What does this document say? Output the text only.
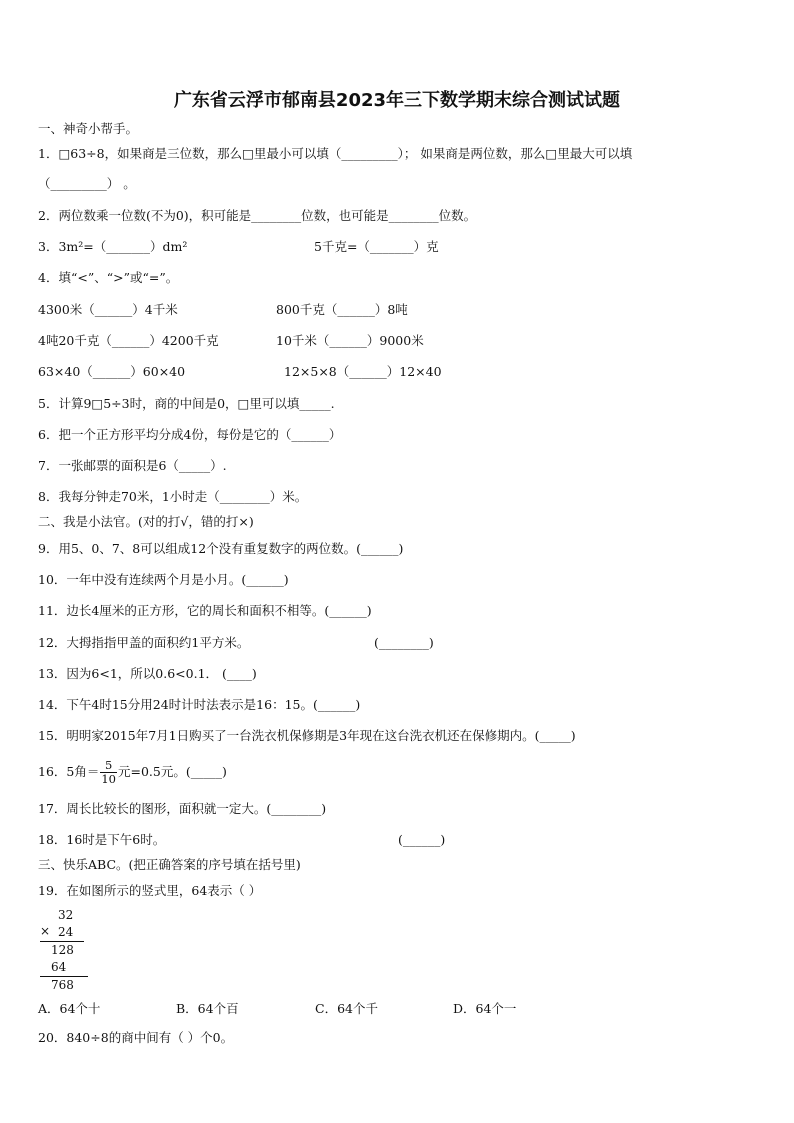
广东省云浮市郁南县2023年三下数学期末综合测试试题
一、神奇小帮手。
1．□63÷8，如果商是三位数，那么□里最小可以填（_________）； 如果商是两位数，那么□里最大可以填
（_________） 。
2．两位数乘一位数(不为0)，积可能是________位数，也可能是________位数。
3．3m²=（_______）dm²	5千克=（_______）克
4．填“<”、“>”或“=”。
4300米（______）4千米	800千克（______）8吨
4吨20千克（______）4200千克	10千米（______）9000米
63×40（______）60×40	12×5×8（______）12×40
5．计算9□5÷3时，商的中间是0，□里可以填_____.
6．把一个正方形平均分成4份，每份是它的（______）
7．一张邮票的面积是6（_____）.
8．我每分钟走70米，1小时走（________）米。
二、我是小法官。(对的打√，错的打×)
9．用5、0、7、8可以组成12个没有重复数字的两位数。(______)
10．一年中没有连续两个月是小月。(______)
11．边长4厘米的正方形，它的周长和面积不相等。(______)
12．大拇指指甲盖的面积约1平方米。	(________)
13．因为6<1，所以0.6<0.1． (____)
14．下午4时15分用24时计时法表示是16：15。(______)
15．明明家2015年7月1日购买了一台洗衣机保修期是3年现在这台洗衣机还在保修期内。(_____)
16．5角＝ $\frac{5}{10}$ 元=0.5元。(_____)
17．周长比较长的图形，面积就一定大。(________)
18．16时是下午6时。	(______)
三、快乐ABC。(把正确答案的序号填在括号里)
19．在如图所示的竖式里，64表示（ ）
32
× 24
128
64
768
A．64个十	B．64个百	C．64个千	D．64个一
20．840÷8的商中间有（ ）个0。
